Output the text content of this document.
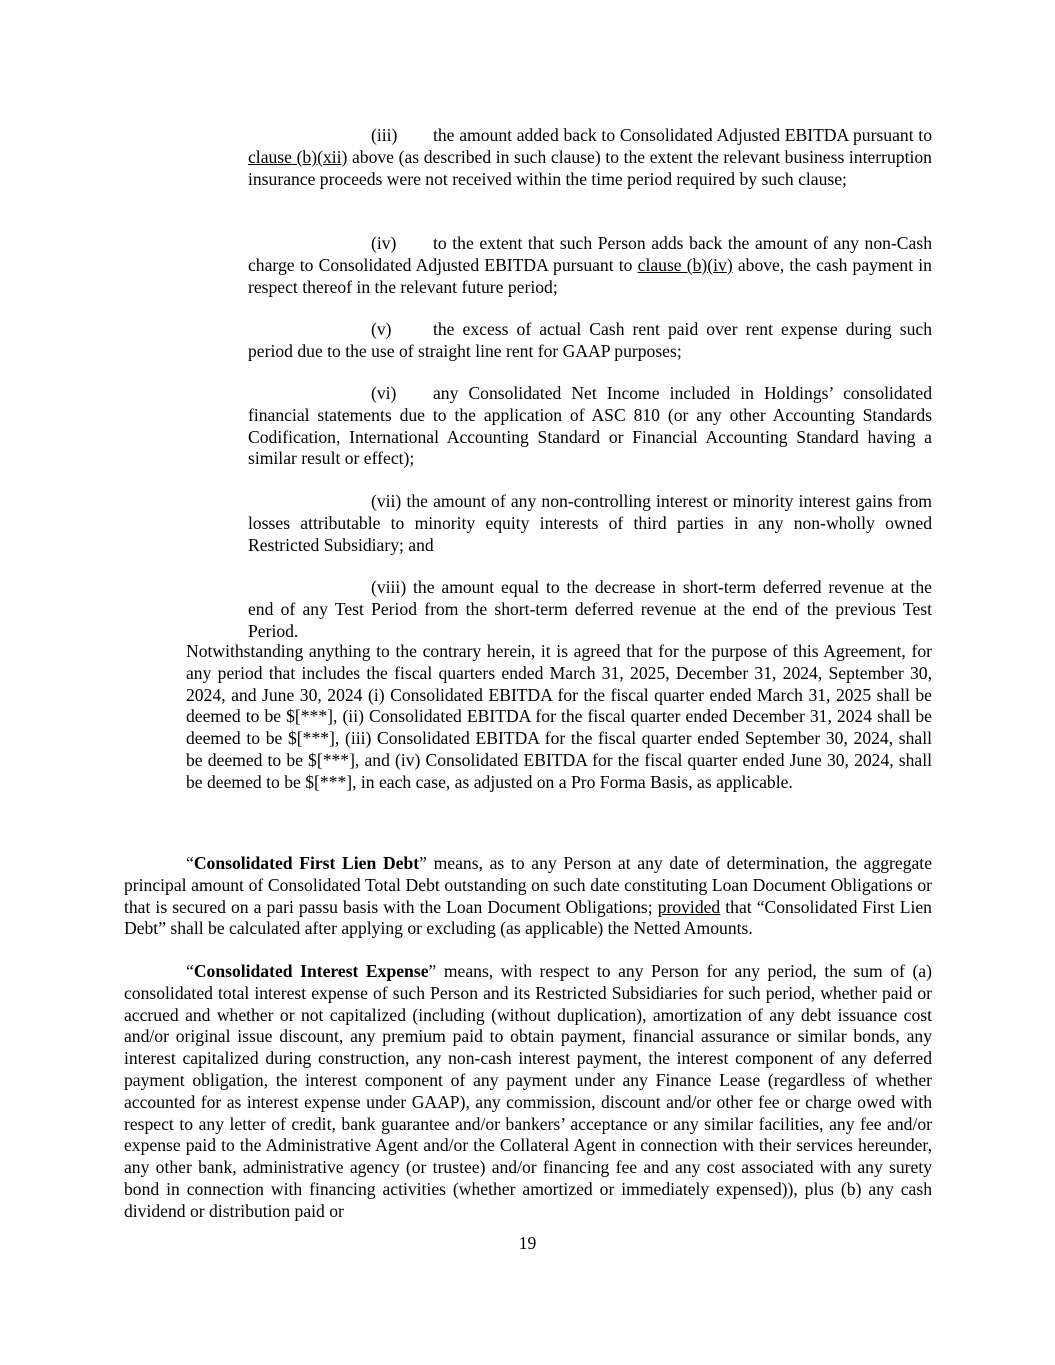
(iii) the amount added back to Consolidated Adjusted EBITDA pursuant to clause (b)(xii) above (as described in such clause) to the extent the relevant business interruption insurance proceeds were not received within the time period required by such clause;

(iv) to the extent that such Person adds back the amount of any non-Cash charge to Consolidated Adjusted EBITDA pursuant to clause (b)(iv) above, the cash payment in respect thereof in the relevant future period;

(v) the excess of actual Cash rent paid over rent expense during such period due to the use of straight line rent for GAAP purposes;

(vi) any Consolidated Net Income included in Holdings’ consolidated financial statements due to the application of ASC 810 (or any other Accounting Standards Codification, International Accounting Standard or Financial Accounting Standard having a similar result or effect);

(vii) the amount of any non-controlling interest or minority interest gains from losses attributable to minority equity interests of third parties in any non-wholly owned Restricted Subsidiary; and

(viii) the amount equal to the decrease in short-term deferred revenue at the end of any Test Period from the short-term deferred revenue at the end of the previous Test Period.

Notwithstanding anything to the contrary herein, it is agreed that for the purpose of this Agreement, for any period that includes the fiscal quarters ended March 31, 2025, December 31, 2024, September 30, 2024, and June 30, 2024 (i) Consolidated EBITDA for the fiscal quarter ended March 31, 2025 shall be deemed to be $[***], (ii) Consolidated EBITDA for the fiscal quarter ended December 31, 2024 shall be deemed to be $[***], (iii) Consolidated EBITDA for the fiscal quarter ended September 30, 2024, shall be deemed to be $[***], and (iv) Consolidated EBITDA for the fiscal quarter ended June 30, 2024, shall be deemed to be $[***], in each case, as adjusted on a Pro Forma Basis, as applicable.

“Consolidated First Lien Debt” means, as to any Person at any date of determination, the aggregate principal amount of Consolidated Total Debt outstanding on such date constituting Loan Document Obligations or that is secured on a pari passu basis with the Loan Document Obligations; provided that “Consolidated First Lien Debt” shall be calculated after applying or excluding (as applicable) the Netted Amounts.

“Consolidated Interest Expense” means, with respect to any Person for any period, the sum of (a) consolidated total interest expense of such Person and its Restricted Subsidiaries for such period, whether paid or accrued and whether or not capitalized (including (without duplication), amortization of any debt issuance cost and/or original issue discount, any premium paid to obtain payment, financial assurance or similar bonds, any interest capitalized during construction, any non-cash interest payment, the interest component of any deferred payment obligation, the interest component of any payment under any Finance Lease (regardless of whether accounted for as interest expense under GAAP), any commission, discount and/or other fee or charge owed with respect to any letter of credit, bank guarantee and/or bankers’ acceptance or any similar facilities, any fee and/or expense paid to the Administrative Agent and/or the Collateral Agent in connection with their services hereunder, any other bank, administrative agency (or trustee) and/or financing fee and any cost associated with any surety bond in connection with financing activities (whether amortized or immediately expensed)), plus (b) any cash dividend or distribution paid or

19
